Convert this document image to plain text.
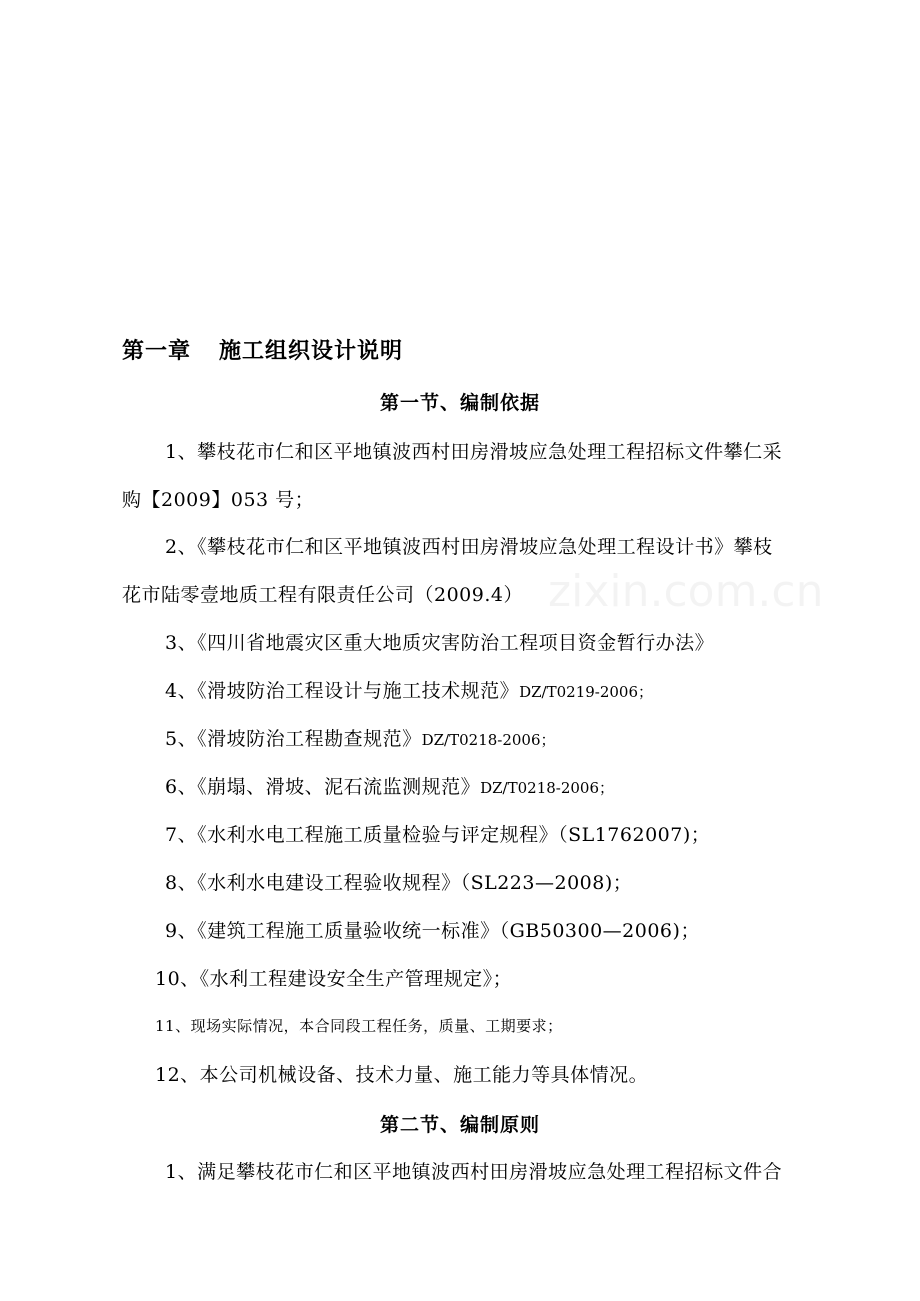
第一章 施工组织设计说明
第一节、编制依据
1、攀枝花市仁和区平地镇波西村田房滑坡应急处理工程招标文件攀仁采
购【2009】053 号；
2、《攀枝花市仁和区平地镇波西村田房滑坡应急处理工程设计书》攀枝
花市陆零壹地质工程有限责任公司（2009.4）
3、《四川省地震灾区重大地质灾害防治工程项目资金暂行办法》
4、《滑坡防治工程设计与施工技术规范》DZ/T0219-2006；
5、《滑坡防治工程勘查规范》DZ/T0218-2006；
6、《崩塌、滑坡、泥石流监测规范》DZ/T0218-2006；
7、《水利水电工程施工质量检验与评定规程》（SL1762007)；
8、《水利水电建设工程验收规程》（SL223—2008)；
9、《建筑工程施工质量验收统一标准》（GB50300—2006)；
10、《水利工程建设安全生产管理规定》；
11、现场实际情况，本合同段工程任务，质量、工期要求；
12、本公司机械设备、技术力量、施工能力等具体情况。
第二节、编制原则
1、满足攀枝花市仁和区平地镇波西村田房滑坡应急处理工程招标文件合
